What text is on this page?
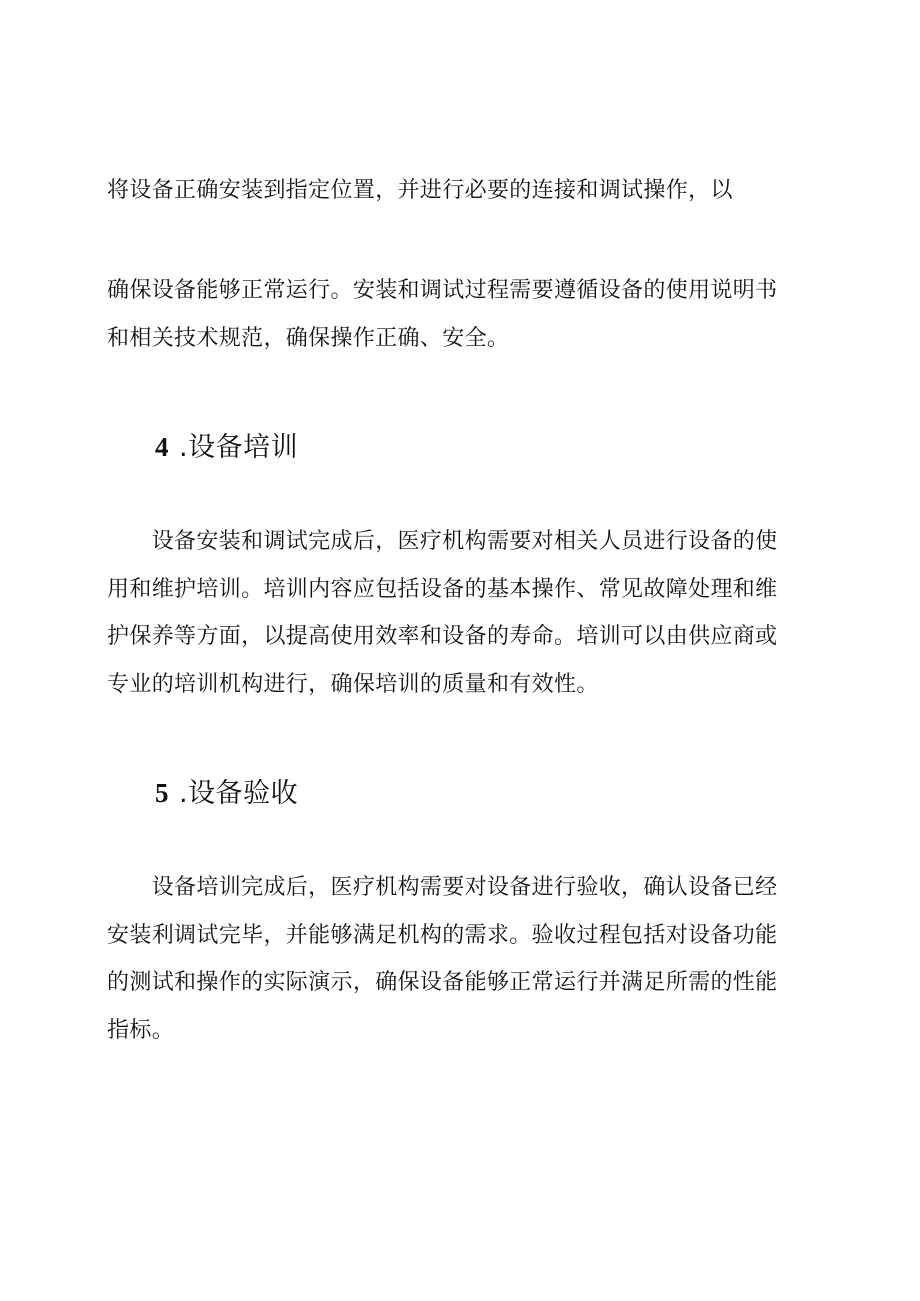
将设备正确安装到指定位置，并进行必要的连接和调试操作，以
确保设备能够正常运行。安装和调试过程需要遵循设备的使用说明书
和相关技术规范，确保操作正确、安全。
4 .设备培训
　　设备安装和调试完成后，医疗机构需要对相关人员进行设备的使
用和维护培训。培训内容应包括设备的基本操作、常见故障处理和维
护保养等方面，以提高使用效率和设备的寿命。培训可以由供应商或
专业的培训机构进行，确保培训的质量和有效性。
5 .设备验收
　　设备培训完成后，医疗机构需要对设备进行验收，确认设备已经
安装利调试完毕，并能够满足机构的需求。验收过程包括对设备功能
的测试和操作的实际演示，确保设备能够正常运行并满足所需的性能
指标。
